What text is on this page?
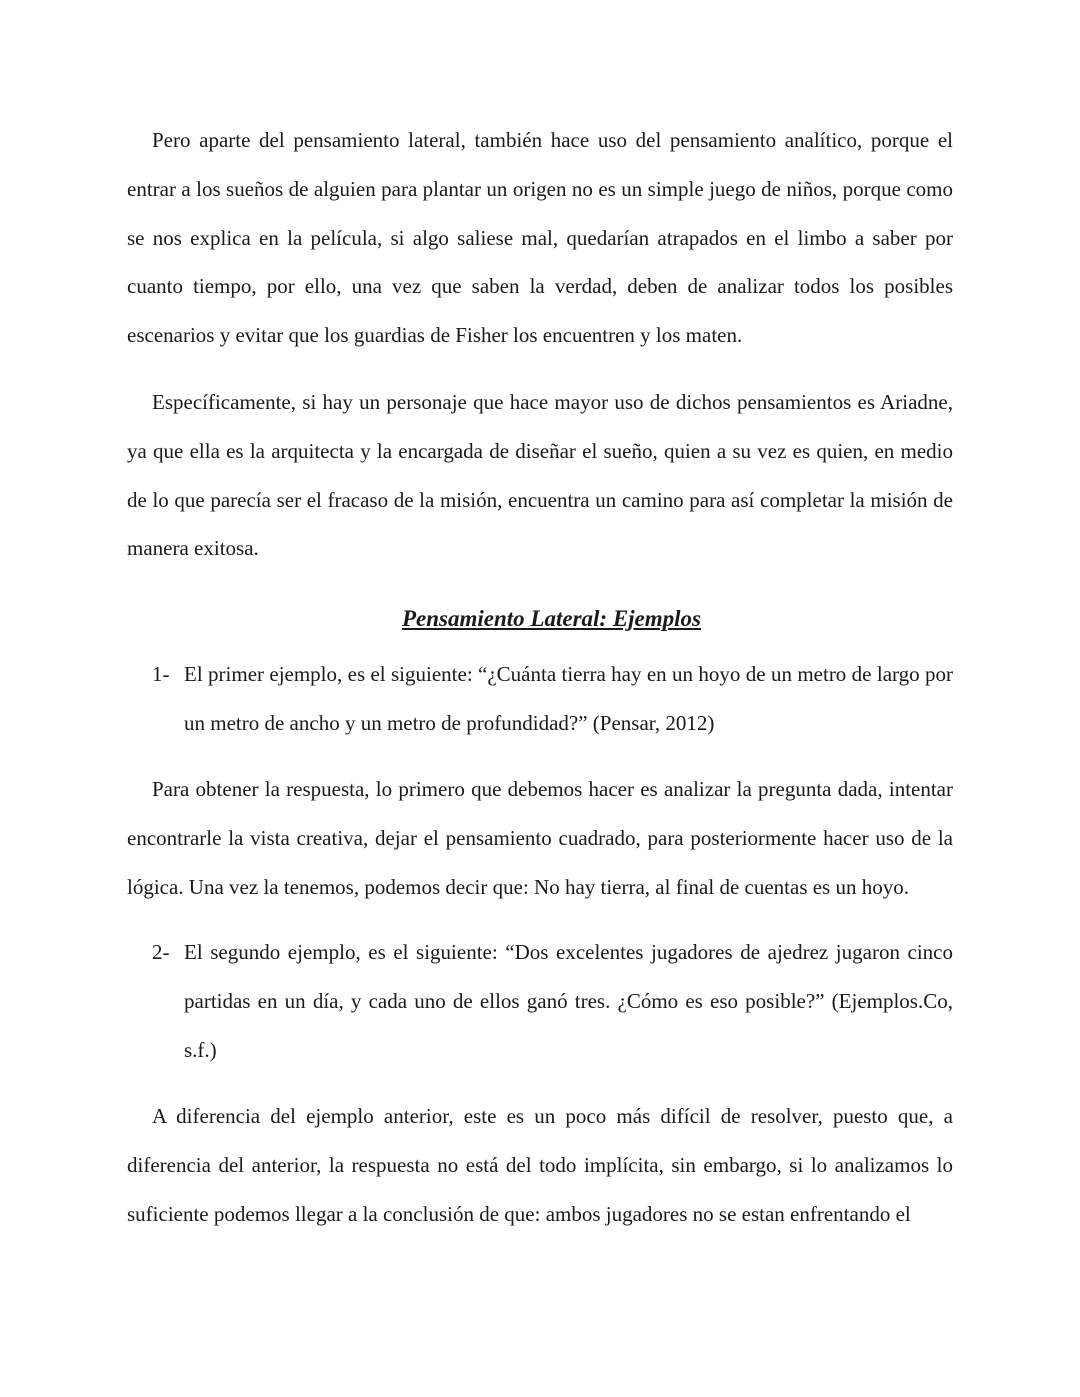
Pero aparte del pensamiento lateral, también hace uso del pensamiento analítico, porque el entrar a los sueños de alguien para plantar un origen no es un simple juego de niños, porque como se nos explica en la película, si algo saliese mal, quedarían atrapados en el limbo a saber por cuanto tiempo, por ello, una vez que saben la verdad, deben de analizar todos los posibles escenarios y evitar que los guardias de Fisher los encuentren y los maten.

Específicamente, si hay un personaje que hace mayor uso de dichos pensamientos es Ariadne, ya que ella es la arquitecta y la encargada de diseñar el sueño, quien a su vez es quien, en medio de lo que parecía ser el fracaso de la misión, encuentra un camino para así completar la misión de manera exitosa.

Pensamiento Lateral: Ejemplos
1- El primer ejemplo, es el siguiente: “¿Cuánta tierra hay en un hoyo de un metro de largo por un metro de ancho y un metro de profundidad?” (Pensar, 2012)

Para obtener la respuesta, lo primero que debemos hacer es analizar la pregunta dada, intentar encontrarle la vista creativa, dejar el pensamiento cuadrado, para posteriormente hacer uso de la lógica. Una vez la tenemos, podemos decir que: No hay tierra, al final de cuentas es un hoyo.

2- El segundo ejemplo, es el siguiente: “Dos excelentes jugadores de ajedrez jugaron cinco partidas en un día, y cada uno de ellos ganó tres. ¿Cómo es eso posible?” (Ejemplos.Co, s.f.)

A diferencia del ejemplo anterior, este es un poco más difícil de resolver, puesto que, a diferencia del anterior, la respuesta no está del todo implícita, sin embargo, si lo analizamos lo suficiente podemos llegar a la conclusión de que: ambos jugadores no se estan enfrentando el
